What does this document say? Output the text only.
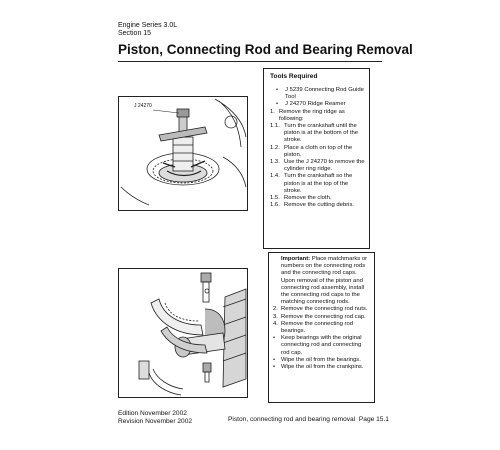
Engine Series 3.0L
Section 15
Piston, Connecting Rod and Bearing Removal
J 24270
Tools Required
•	J 5239 Connecting Rod Guide Tool
•	J 24270 Ridge Reamer
1. Remove the ring ridge as following:
1.1. Turn the crankshaft until the piston is at the bottom of the stroke.
1.2. Place a cloth on top of the piston.
1.3. Use the J 24270 to remove the cylinder ring ridge.
1.4. Turn the crankshaft so the piston is at the top of the stroke.
1.5. Remove the cloth.
1.6. Remove the cutting debris.
Important: Place matchmarks or numbers on the connecting rods and the connecting rod caps. Upon removal of the piston and connecting rod assembly, install the connecting rod caps to the matching connecting rods.
2. Remove the connecting rod nuts.
3. Remove the connecting rod cap.
4. Remove the connecting rod bearings.
•	Keep bearings with the original connecting rod and connecting rod cap.
•	Wipe the oil from the bearings.
•	Wipe the oil from the crankpins.
Edition November 2002
Revision November 2002	Piston, connecting rod and bearing removal Page 15.1
